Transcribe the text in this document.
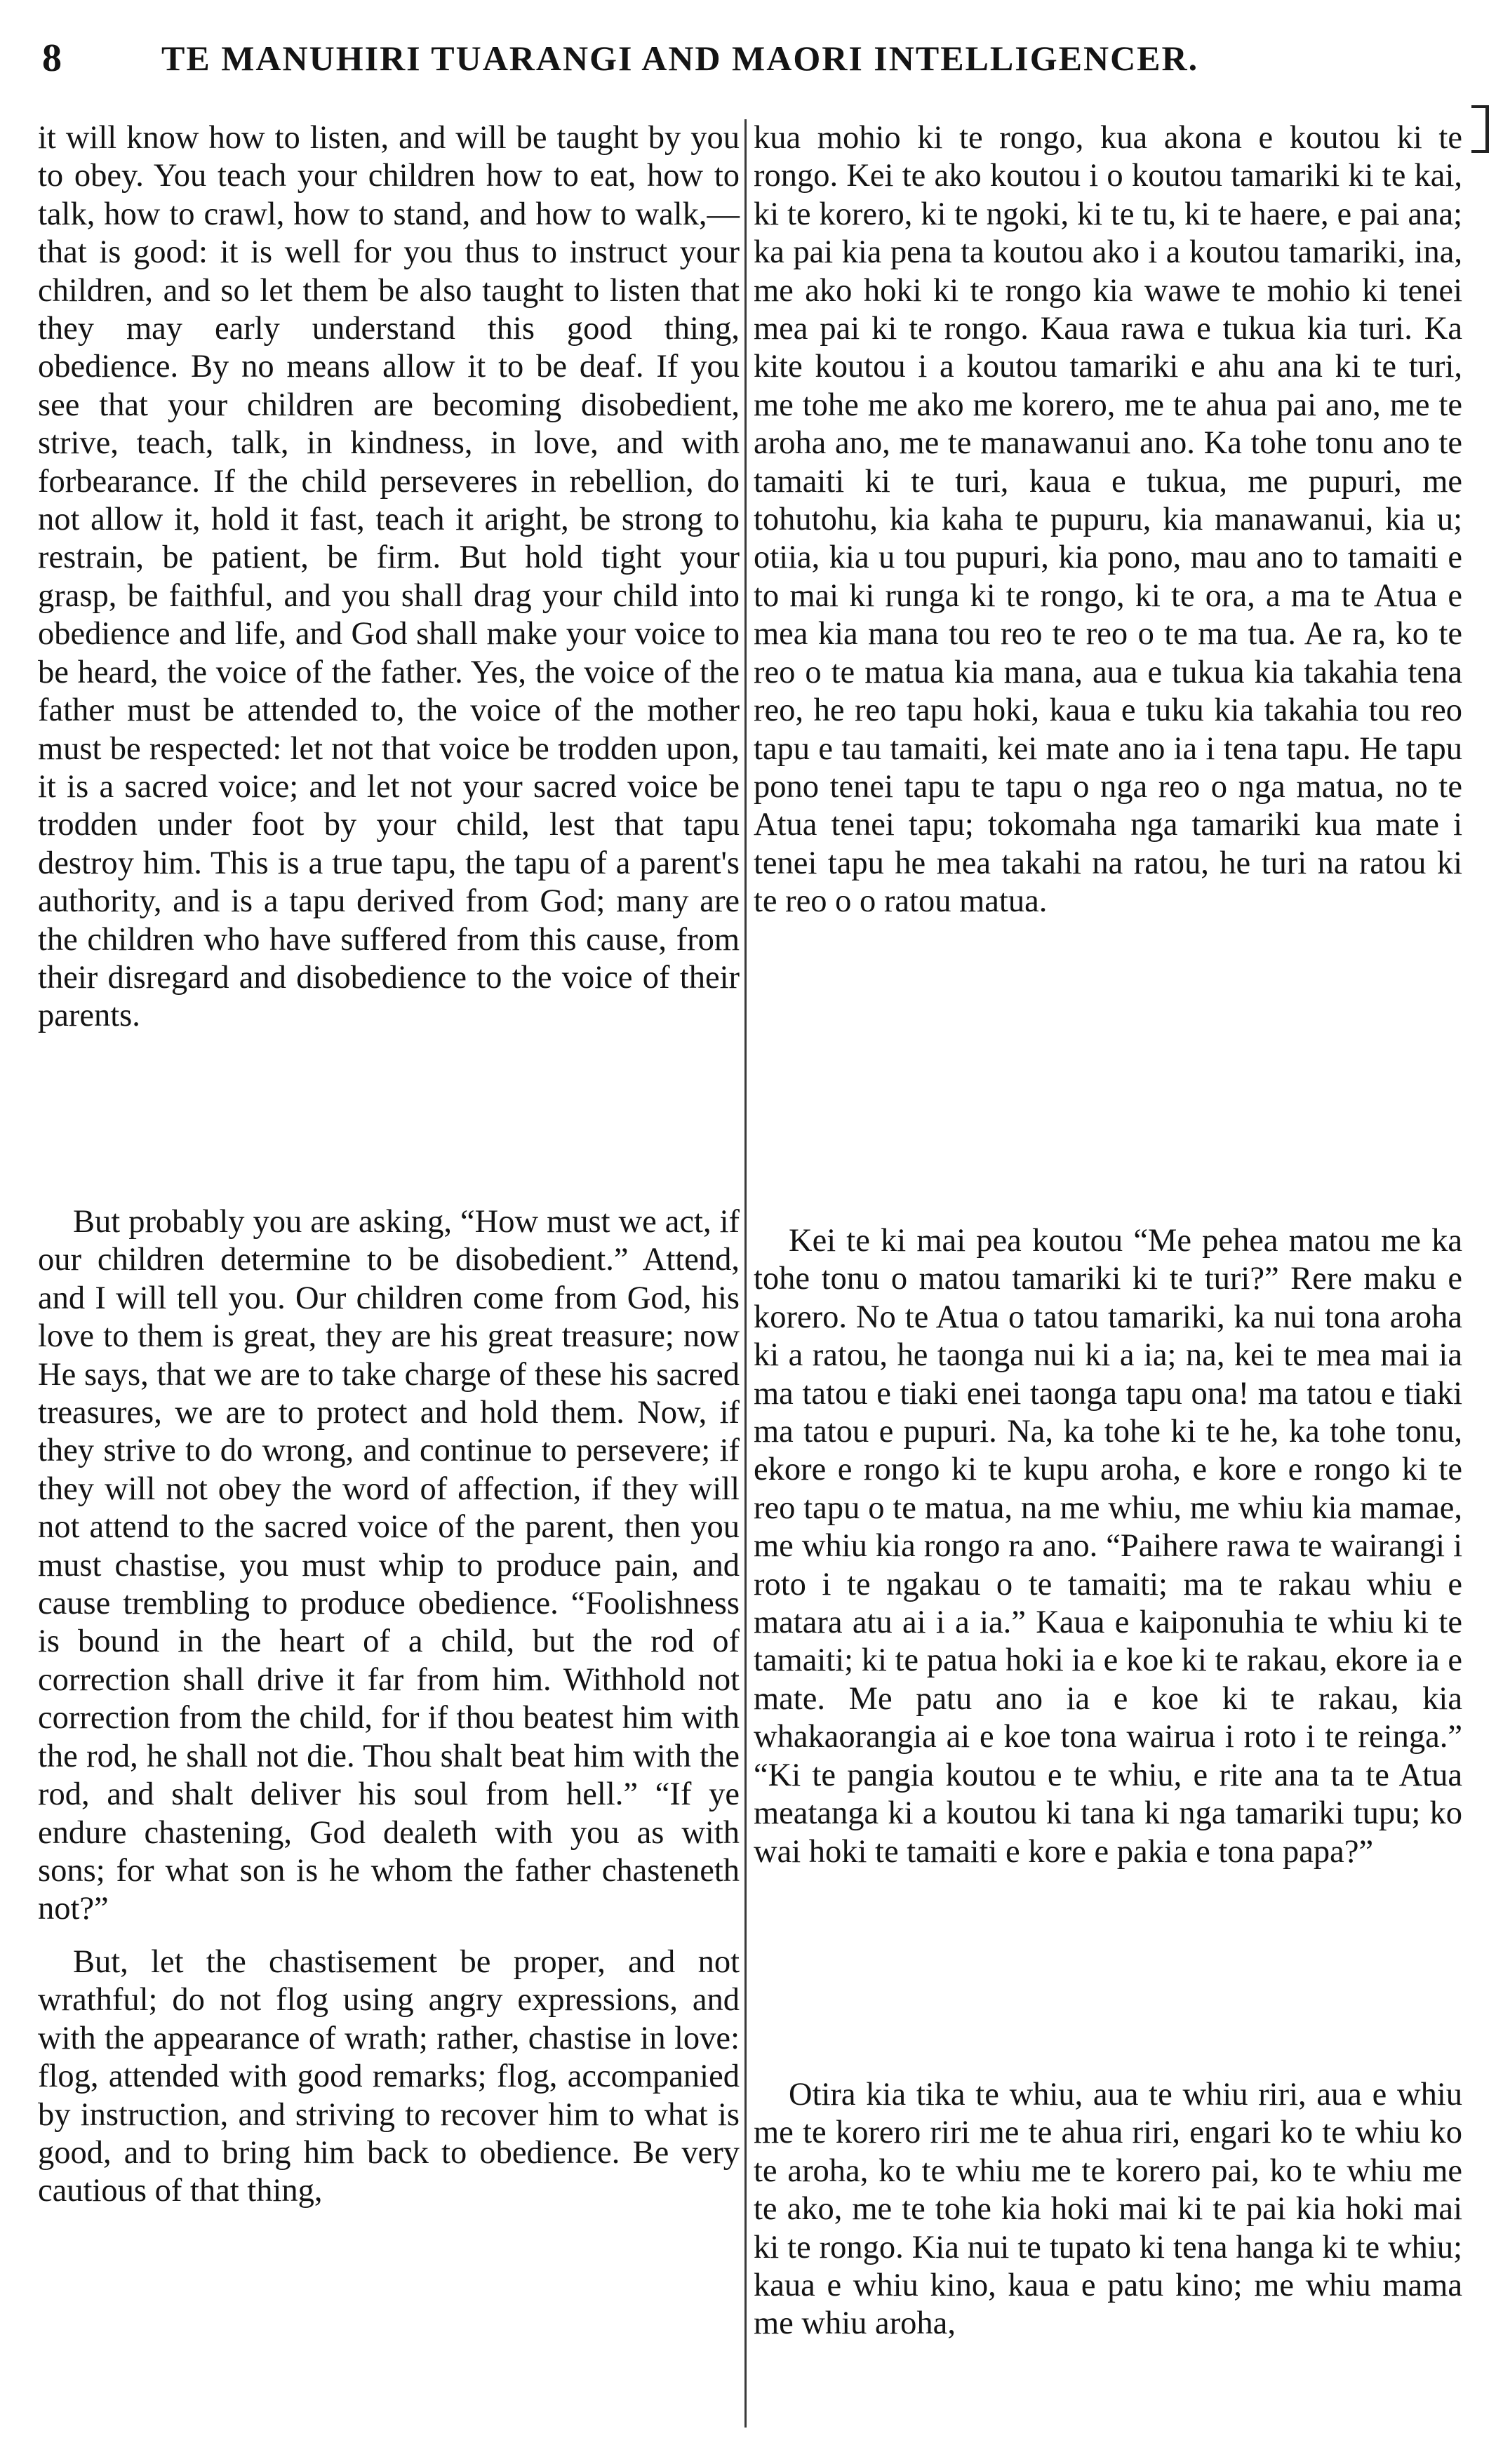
8	TE MANUHIRI TUARANGI AND MAORI INTELLIGENCER.

it will know how to listen, and will be taught by you to obey. You teach your children how to eat, how to talk, how to crawl, how to stand, and how to walk,—that is good: it is well for you thus to instruct your children, and so let them be also taught to listen that they may early understand this good thing, obedience. By no means allow it to be deaf. If you see that your children are becoming disobedient, strive, teach, talk, in kindness, in love, and with forbearance. If the child perseveres in rebellion, do not allow it, hold it fast, teach it aright, be strong to restrain, be patient, be firm. But hold tight your grasp, be faithful, and you shall drag your child into obedience and life, and God shall make your voice to be heard, the voice of the father. Yes, the voice of the father must be attended to, the voice of the mother must be respected: let not that voice be trodden upon, it is a sacred voice; and let not your sacred voice be trodden under foot by your child, lest that tapu destroy him. This is a true tapu, the tapu of a parent's authority, and is a tapu derived from God; many are the children who have suffered from this cause, from their disregard and disobedience to the voice of their parents.

But probably you are asking, “How must we act, if our children determine to be disobedient.” Attend, and I will tell you. Our children come from God, his love to them is great, they are his great treasure; now He says, that we are to take charge of these his sacred treasures, we are to protect and hold them. Now, if they strive to do wrong, and continue to persevere; if they will not obey the word of affection, if they will not attend to the sacred voice of the parent, then you must chastise, you must whip to produce pain, and cause trembling to produce obedience. “Foolishness is bound in the heart of a child, but the rod of correction shall drive it far from him. Withhold not correction from the child, for if thou beatest him with the rod, he shall not die. Thou shalt beat him with the rod, and shalt deliver his soul from hell.” “If ye endure chastening, God dealeth with you as with sons; for what son is he whom the father chasteneth not?”

But, let the chastisement be proper, and not wrathful; do not flog using angry expressions, and with the appearance of wrath; rather, chastise in love: flog, attended with good remarks; flog, accompanied by instruction, and striving to recover him to what is good, and to bring him back to obedience. Be very cautious of that thing,

kua mohio ki te rongo, kua akona e koutou ki te rongo. Kei te ako koutou i o koutou tamariki ki te kai, ki te korero, ki te ngoki, ki te tu, ki te haere, e pai ana; ka pai kia pena ta koutou ako i a koutou tamariki, ina, me ako hoki ki te rongo kia wawe te mohio ki tenei mea pai ki te rongo. Kaua rawa e tukua kia turi. Ka kite koutou i a koutou tamariki e ahu ana ki te turi, me tohe me ako me korero, me te ahua pai ano, me te aroha ano, me te manawanui ano. Ka tohe tonu ano te tamaiti ki te turi, kaua e tukua, me pupuri, me tohutohu, kia kaha te pupuru, kia manawanui, kia u; otiia, kia u tou pupuri, kia pono, mau ano to tamaiti e to mai ki runga ki te rongo, ki te ora, a ma te Atua e mea kia mana tou reo te reo o te ma tua. Ae ra, ko te reo o te matua kia mana, aua e tukua kia takahia tena reo, he reo tapu hoki, kaua e tuku kia takahia tou reo tapu e tau tamaiti, kei mate ano ia i tena tapu. He tapu pono tenei tapu te tapu o nga reo o nga matua, no te Atua tenei tapu; tokomaha nga tamariki kua mate i tenei tapu he mea takahi na ratou, he turi na ratou ki te reo o o ratou matua.

Kei te ki mai pea koutou “Me pehea matou me ka tohe tonu o matou tamariki ki te turi?” Rere maku e korero. No te Atua o tatou tamariki, ka nui tona aroha ki a ratou, he taonga nui ki a ia; na, kei te mea mai ia ma tatou e tiaki enei taonga tapu ona! ma tatou e tiaki ma tatou e pupuri. Na, ka tohe ki te he, ka tohe tonu, ekore e rongo ki te kupu aroha, e kore e rongo ki te reo tapu o te matua, na me whiu, me whiu kia mamae, me whiu kia rongo ra ano. “Paihere rawa te wairangi i roto i te ngakau o te tamaiti; ma te rakau whiu e matara atu ai i a ia.” Kaua e kaiponuhia te whiu ki te tamaiti; ki te patua hoki ia e koe ki te rakau, ekore ia e mate. Me patu ano ia e koe ki te rakau, kia whakaorangia ai e koe tona wairua i roto i te reinga.” “Ki te pangia koutou e te whiu, e rite ana ta te Atua meatanga ki a koutou ki tana ki nga tamariki tupu; ko wai hoki te tamaiti e kore e pakia e tona papa?”

Otira kia tika te whiu, aua te whiu riri, aua e whiu me te korero riri me te ahua riri, engari ko te whiu ko te aroha, ko te whiu me te korero pai, ko te whiu me te ako, me te tohe kia hoki mai ki te pai kia hoki mai ki te rongo. Kia nui te tupato ki tena hanga ki te whiu; kaua e whiu kino, kaua e patu kino; me whiu mama me whiu aroha,
